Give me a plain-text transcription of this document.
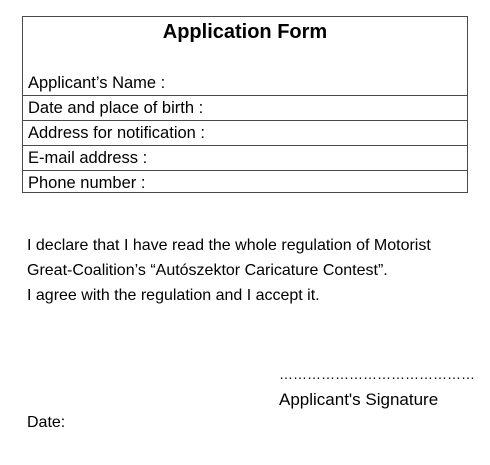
Application Form
Applicant’s Name :
Date and place of birth :
Address for notification :
E-mail address :
Phone number :

I declare that I have read the whole regulation of Motorist

Great-Coalition’s “Autószektor Caricature Contest”.

I agree with the regulation and I accept it.

……………………………………
Applicant's Signature
Date:
